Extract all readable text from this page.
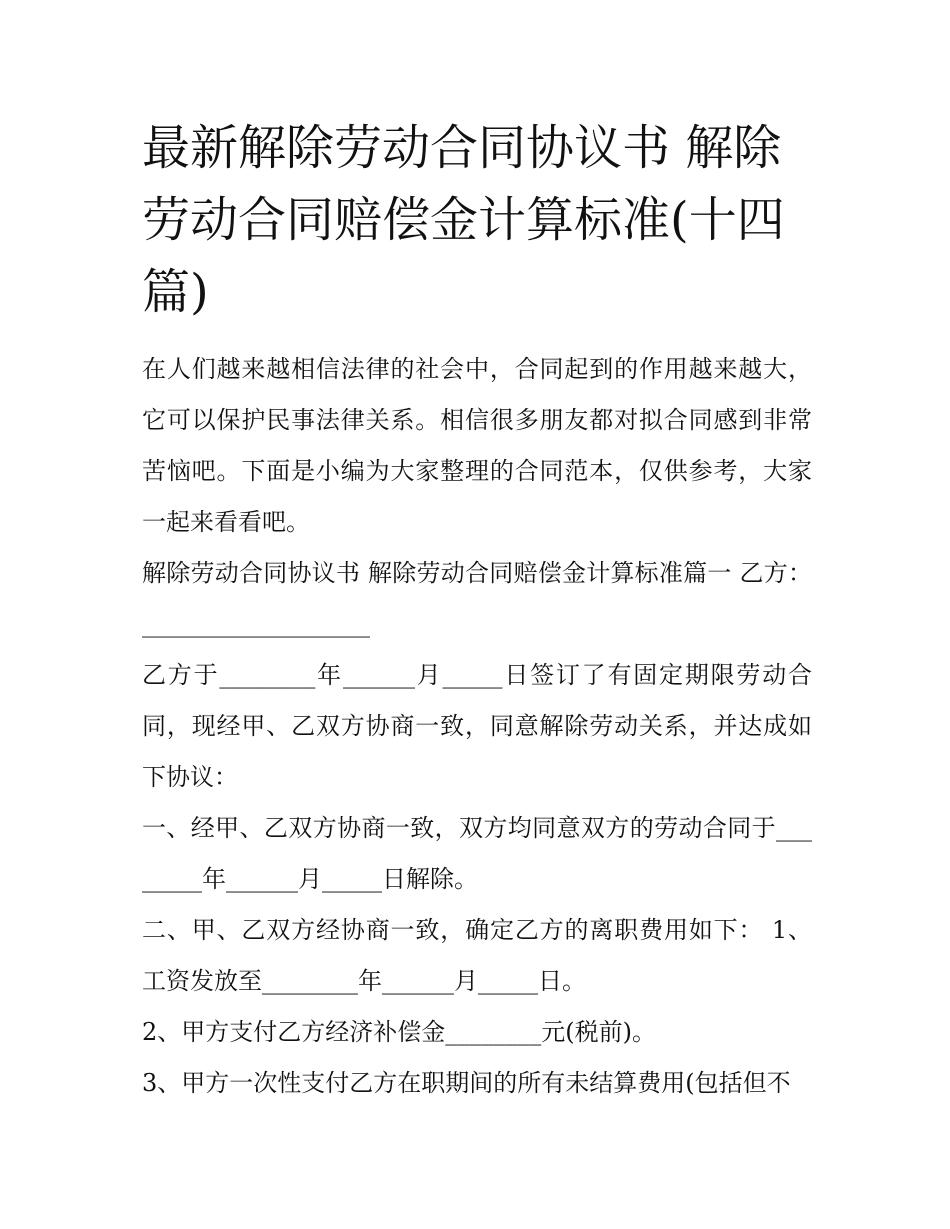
最新解除劳动合同协议书 解除劳动合同赔偿金计算标准(十四篇)

在人们越来越相信法律的社会中，合同起到的作用越来越大，它可以保护民事法律关系。相信很多朋友都对拟合同感到非常苦恼吧。下面是小编为大家整理的合同范本，仅供参考，大家一起来看看吧。

解除劳动合同协议书 解除劳动合同赔偿金计算标准篇一 乙方：___________________

乙方于________年______月_____日签订了有固定期限劳动合同，现经甲、乙双方协商一致，同意解除劳动关系，并达成如下协议：

一、经甲、乙双方协商一致，双方均同意双方的劳动合同于________年______月_____日解除。

二、甲、乙双方经协商一致，确定乙方的离职费用如下： 1、工资发放至________年______月_____日。

2、甲方支付乙方经济补偿金________元(税前)。

3、甲方一次性支付乙方在职期间的所有未结算费用(包括但不
